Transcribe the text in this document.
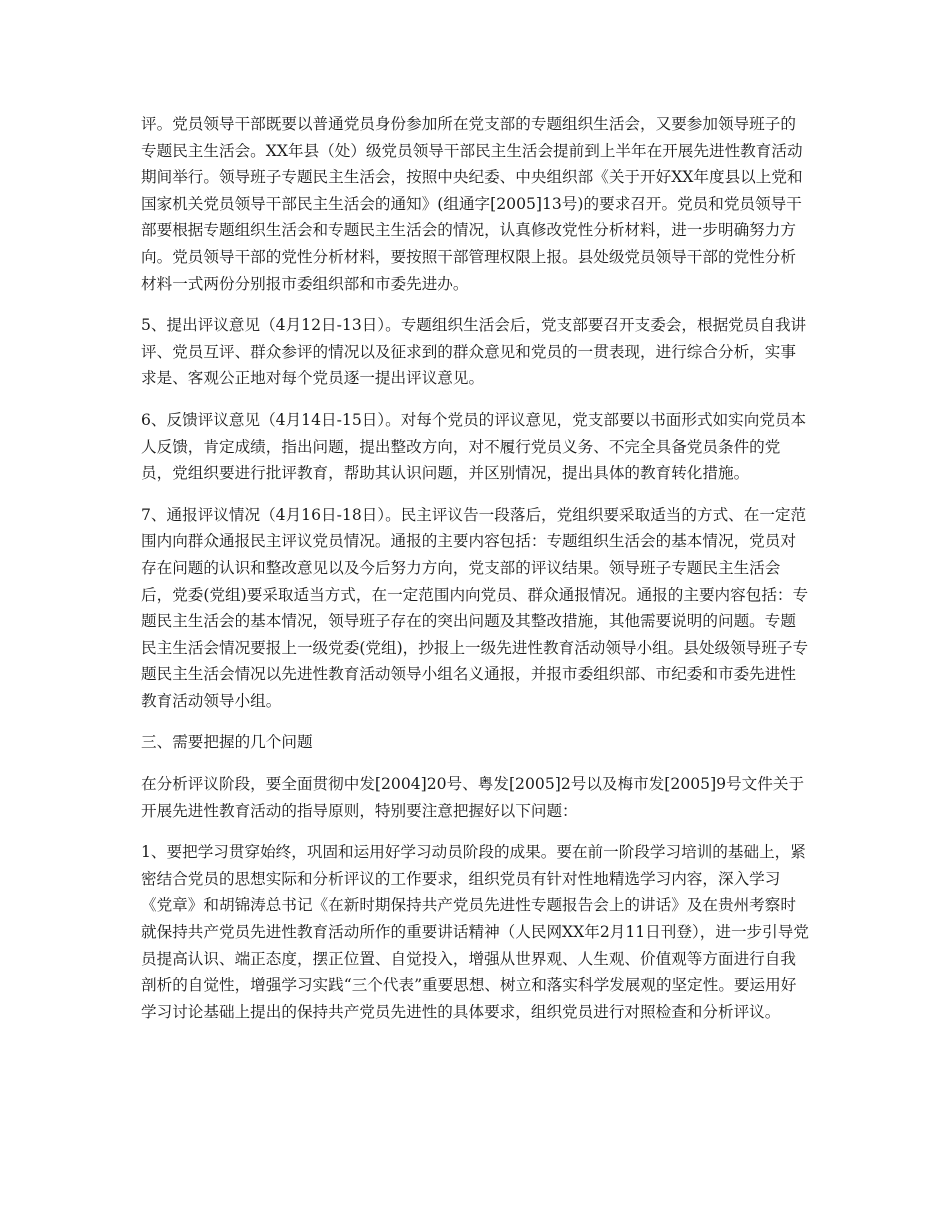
评。党员领导干部既要以普通党员身份参加所在党支部的专题组织生活会，又要参加领导班子的专题民主生活会。XX年县（处）级党员领导干部民主生活会提前到上半年在开展先进性教育活动期间举行。领导班子专题民主生活会，按照中央纪委、中央组织部《关于开好XX年度县以上党和国家机关党员领导干部民主生活会的通知》(组通字[2005]13号)的要求召开。党员和党员领导干部要根据专题组织生活会和专题民主生活会的情况，认真修改党性分析材料，进一步明确努力方向。党员领导干部的党性分析材料，要按照干部管理权限上报。县处级党员领导干部的党性分析材料一式两份分别报市委组织部和市委先进办。

5、提出评议意见（4月12日-13日）。专题组织生活会后，党支部要召开支委会，根据党员自我讲评、党员互评、群众参评的情况以及征求到的群众意见和党员的一贯表现，进行综合分析，实事求是、客观公正地对每个党员逐一提出评议意见。

6、反馈评议意见（4月14日-15日）。对每个党员的评议意见，党支部要以书面形式如实向党员本人反馈，肯定成绩，指出问题，提出整改方向，对不履行党员义务、不完全具备党员条件的党员，党组织要进行批评教育，帮助其认识问题，并区别情况，提出具体的教育转化措施。

7、通报评议情况（4月16日-18日）。民主评议告一段落后，党组织要采取适当的方式、在一定范围内向群众通报民主评议党员情况。通报的主要内容包括：专题组织生活会的基本情况，党员对存在问题的认识和整改意见以及今后努力方向，党支部的评议结果。领导班子专题民主生活会后，党委(党组)要采取适当方式，在一定范围内向党员、群众通报情况。通报的主要内容包括：专题民主生活会的基本情况，领导班子存在的突出问题及其整改措施，其他需要说明的问题。专题民主生活会情况要报上一级党委(党组)，抄报上一级先进性教育活动领导小组。县处级领导班子专题民主生活会情况以先进性教育活动领导小组名义通报，并报市委组织部、市纪委和市委先进性教育活动领导小组。

三、需要把握的几个问题

在分析评议阶段，要全面贯彻中发[2004]20号、粤发[2005]2号以及梅市发[2005]9号文件关于开展先进性教育活动的指导原则，特别要注意把握好以下问题：

1、要把学习贯穿始终，巩固和运用好学习动员阶段的成果。要在前一阶段学习培训的基础上，紧密结合党员的思想实际和分析评议的工作要求，组织党员有针对性地精选学习内容，深入学习《党章》和胡锦涛总书记《在新时期保持共产党员先进性专题报告会上的讲话》及在贵州考察时就保持共产党员先进性教育活动所作的重要讲话精神（人民网XX年2月11日刊登），进一步引导党员提高认识、端正态度，摆正位置、自觉投入，增强从世界观、人生观、价值观等方面进行自我剖析的自觉性，增强学习实践“三个代表”重要思想、树立和落实科学发展观的坚定性。要运用好学习讨论基础上提出的保持共产党员先进性的具体要求，组织党员进行对照检查和分析评议。
